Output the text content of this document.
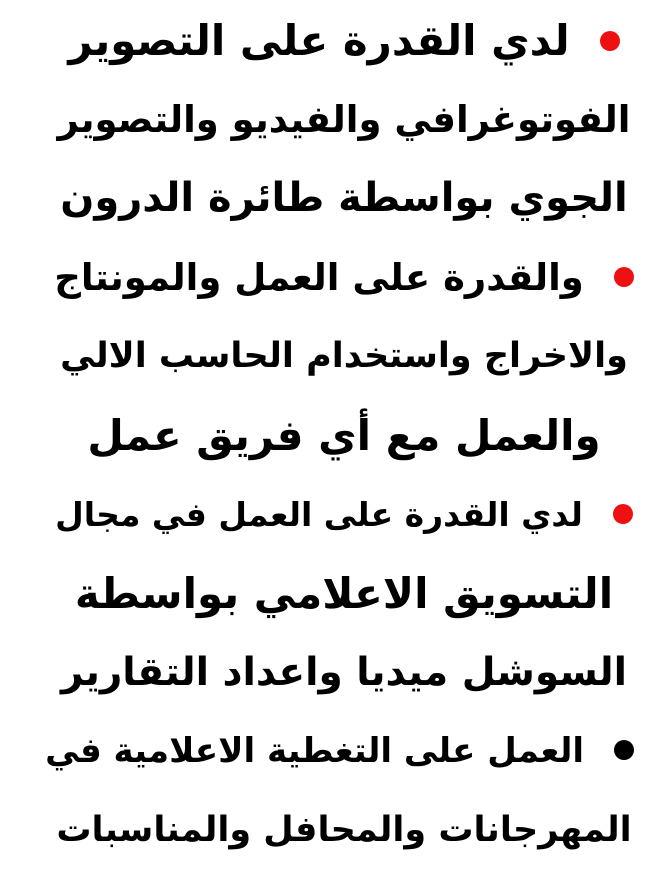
لدي القدرة على التصوير
الفوتوغرافي والفيديو والتصوير
الجوي بواسطة طائرة الدرون
والقدرة على العمل والمونتاج
والاخراج واستخدام الحاسب الالي
والعمل مع أي فريق عمل
لدي القدرة على العمل في مجال
التسويق الاعلامي بواسطة
السوشل ميديا واعداد التقارير
العمل على التغطية الاعلامية في
المهرجانات والمحافل والمناسبات
